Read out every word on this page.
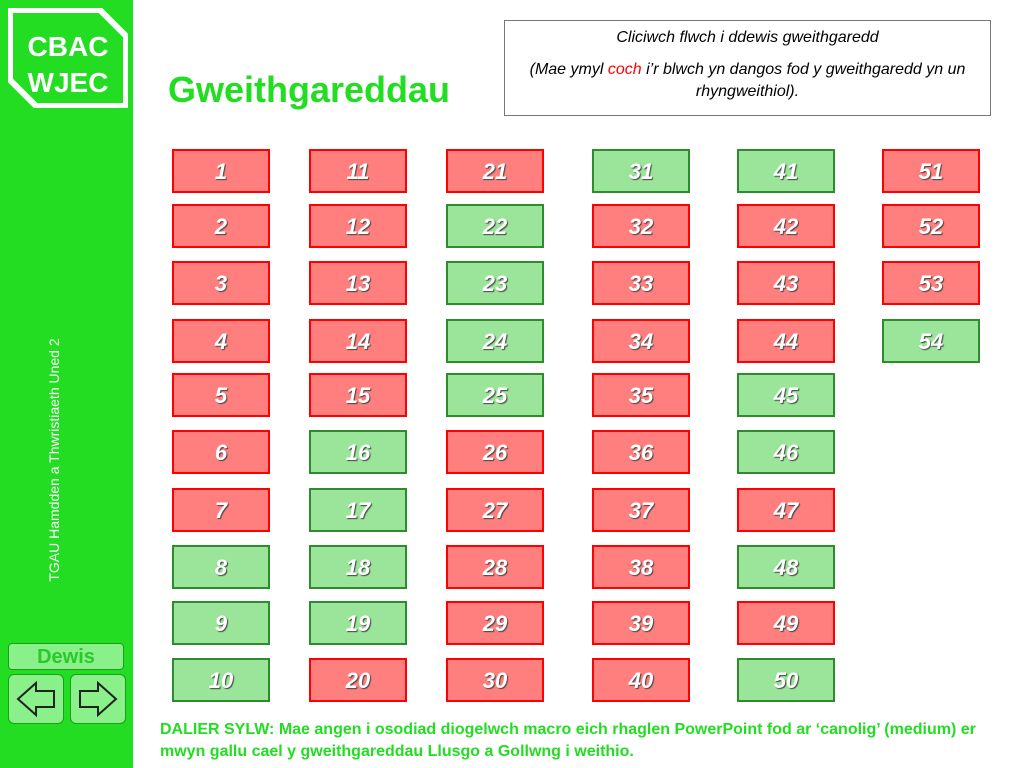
CBAC
WJEC
TGAU Hamdden a Thwristiaeth Uned 2
Dewis
Gweithgareddau

Cliciwch flwch i ddewis gweithgaredd

(Mae ymyl coch i’r blwch yn dangos fod y gweithgaredd yn un rhyngweithiol).

1
2
3
4
5
6
7
8
9
10
11
12
13
14
15
16
17
18
19
20
21
22
23
24
25
26
27
28
29
30
31
32
33
34
35
36
37
38
39
40
41
42
43
44
45
46
47
48
49
50
51
52
53
54
DALIER SYLW: Mae angen i osodiad diogelwch macro eich rhaglen PowerPoint fod ar ‘canolig’ (medium) er mwyn gallu cael y gweithgareddau Llusgo a Gollwng i weithio.
